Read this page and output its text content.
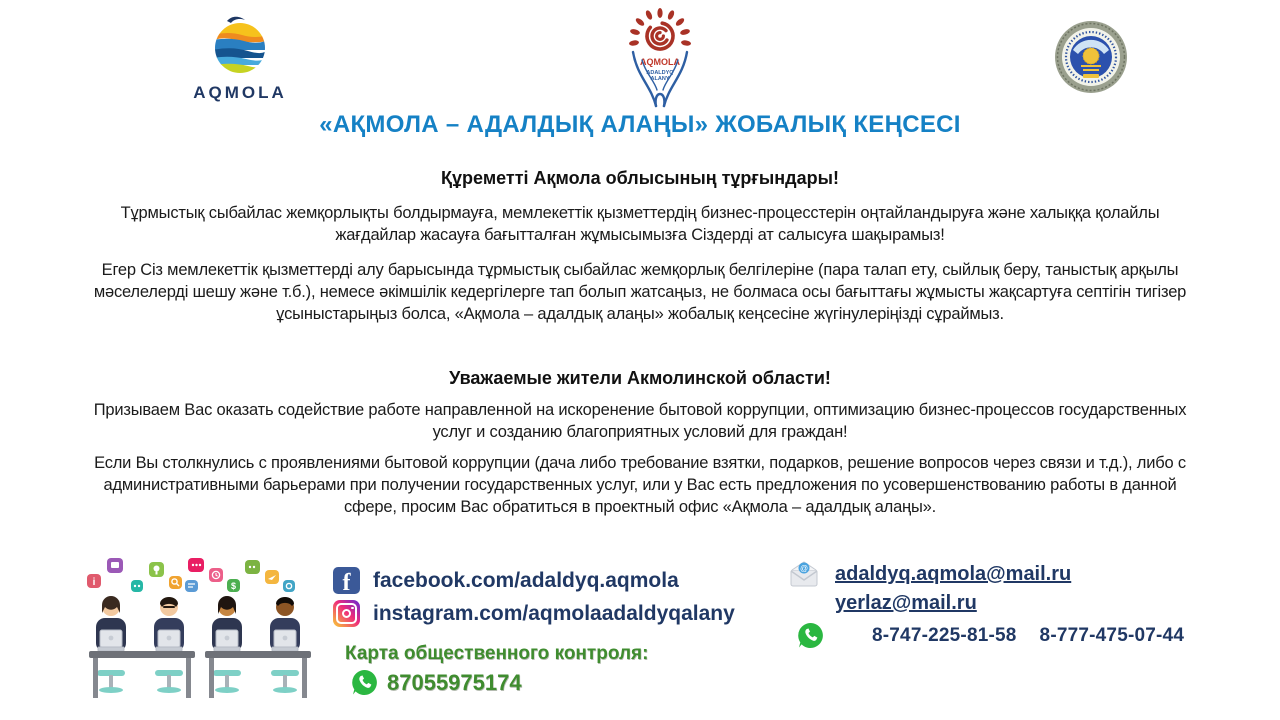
AQMOLA
AQMOLA
ADALDYQ
ALANY
«АҚМОЛА – АДАЛДЫҚ АЛАҢЫ» ЖОБАЛЫҚ КЕҢСЕСІ
Құреметті Ақмола облысының тұрғындары!
Тұрмыстық сыбайлас жемқорлықты болдырмауға, мемлекеттік қызметтердің бизнес-процесстерін оңтайландыруға және халыққа қолайлы жағдайлар жасауға бағытталған жұмысымызға Сіздерді ат салысуға шақырамыз!
Егер Сіз мемлекеттік қызметтерді алу барысында тұрмыстық сыбайлас жемқорлық белгілеріне (пара талап ету, сыйлық беру, таныстық арқылы мәселелерді шешу және т.б.), немесе әкімшілік кедергілерге тап болып жатсаңыз, не болмаса осы бағыттағы жұмысты жақсартуға септігін тигізер ұсыныстарыңыз болса, «Ақмола – адалдық алаңы» жобалық кеңсесіне жүгінулеріңізді сұраймыз.
Уважаемые жители Акмолинской области!
Призываем Вас оказать содействие работе направленной на искоренение бытовой коррупции, оптимизацию бизнес-процессов государственных услуг и созданию благоприятных условий для граждан!
Если Вы столкнулись с проявлениями бытовой коррупции (дача либо требование взятки, подарков, решение вопросов через связи и т.д.), либо с административными барьерами при получении государственных услуг, или у Вас есть предложения по усовершенствованию работы в данной сфере, просим Вас обратиться в проектный офис «Ақмола – адалдық алаңы».
i	$	f facebook.com/adaldyq.aqmola
instagram.com/aqmolaadaldyqalany
Карта общественного контроля:
87055975174
@ adaldyq.aqmola@mail.ru
yerlaz@mail.ru
8-747-225-81-58 8-777-475-07-44
